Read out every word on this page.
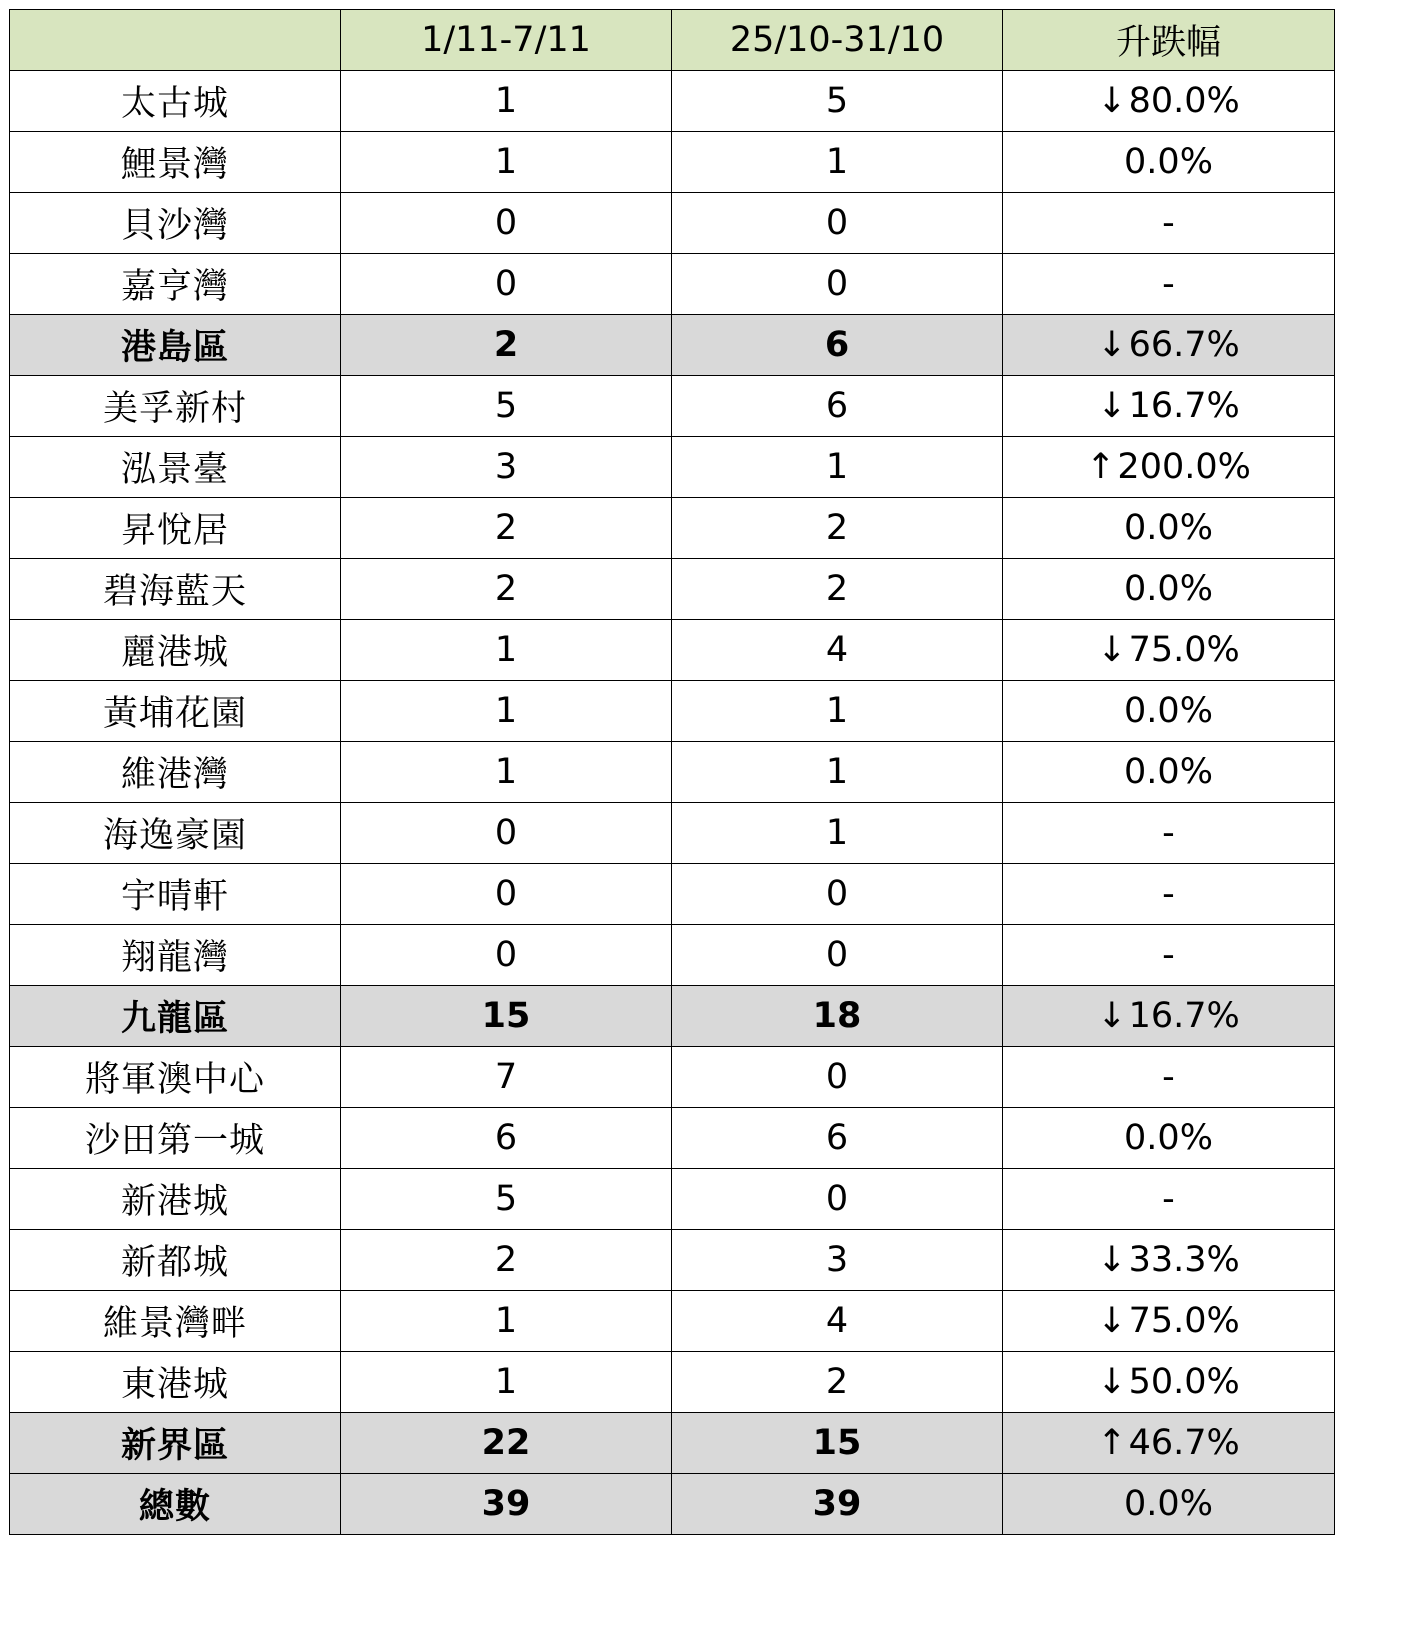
	1/11-7/11	25/10-31/10	升跌幅
太古城	1	5	↓80.0%
鯉景灣	1	1	0.0%
貝沙灣	0	0	-
嘉亨灣	0	0	-
港島區	2	6	↓66.7%
美孚新村	5	6	↓16.7%
泓景臺	3	1	↑200.0%
昇悅居	2	2	0.0%
碧海藍天	2	2	0.0%
麗港城	1	4	↓75.0%
黃埔花園	1	1	0.0%
維港灣	1	1	0.0%
海逸豪園	0	1	-
宇晴軒	0	0	-
翔龍灣	0	0	-
九龍區	15	18	↓16.7%
將軍澳中心	7	0	-
沙田第一城	6	6	0.0%
新港城	5	0	-
新都城	2	3	↓33.3%
維景灣畔	1	4	↓75.0%
東港城	1	2	↓50.0%
新界區	22	15	↑46.7%
總數	39	39	0.0%
